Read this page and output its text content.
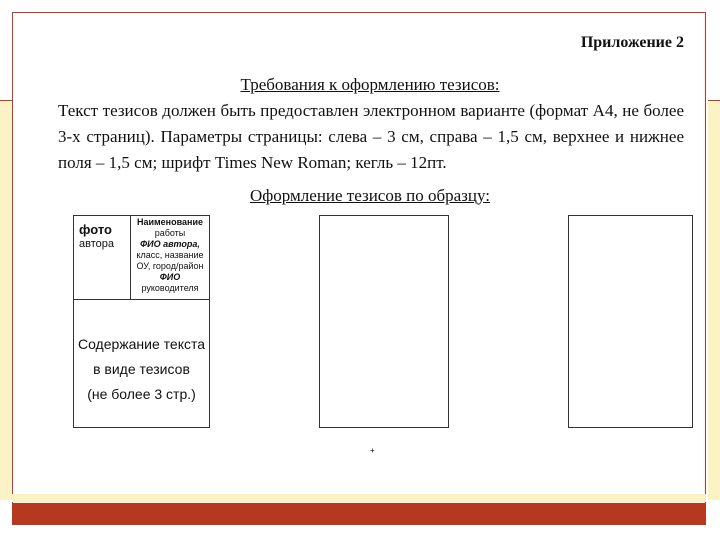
Приложение 2
Требования к оформлению тезисов:
Текст тезисов должен быть предоставлен электронном варианте (формат А4, не более 3-х страниц). Параметры страницы: слева – 3 см, справа – 1,5 см, верхнее и нижнее поля – 1,5 см; шрифт Times New Roman; кегль – 12пт.
Оформление тезисов по образцу:
фото
автора
Наименование
работы
ФИО автора,
класс, название
ОУ, город/район
ФИО
руководителя
Содержание текста
в виде тезисов
(не более 3 стр.)
+
